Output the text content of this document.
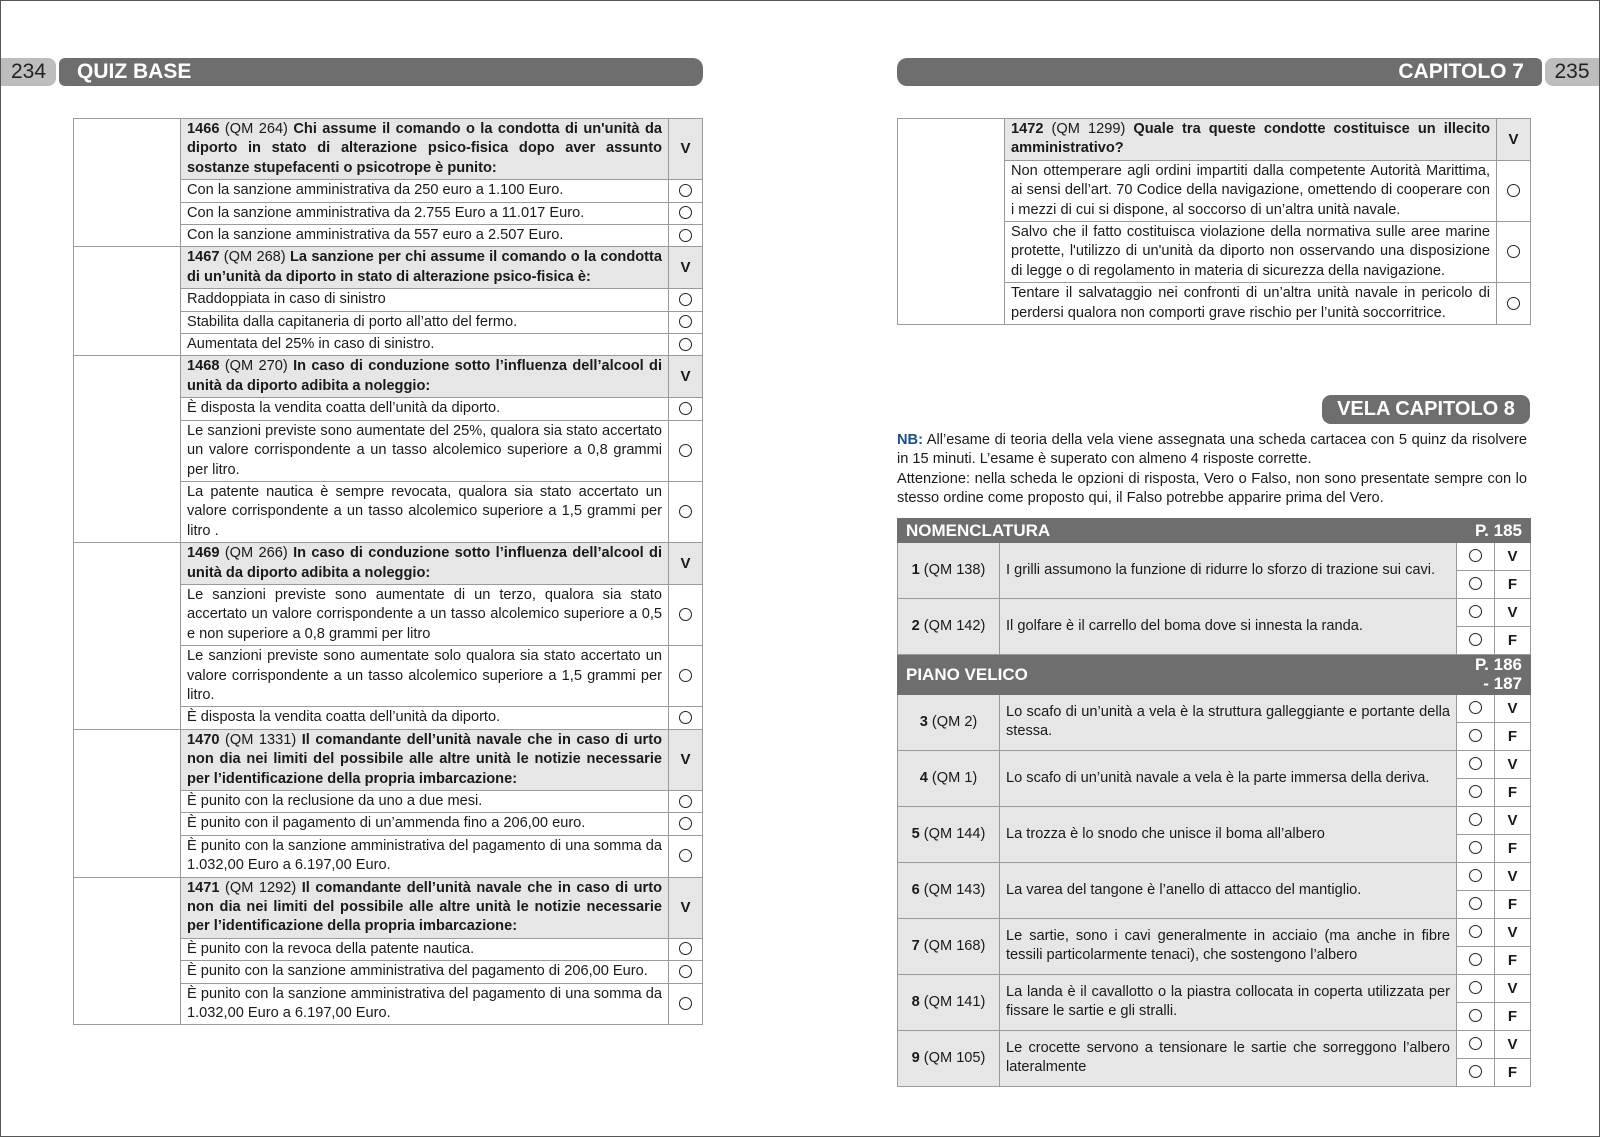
234	QUIZ BASE	CAPITOLO 7	235
	1466 (QM 264) Chi assume il comando o la condotta di un'unità da diporto in stato di alterazione psico-fisica dopo aver assunto sostanze stupefacenti o psicotrope è punito:	V
	Con la sanzione amministrativa da 250 euro a 1.100 Euro.	
	Con la sanzione amministrativa da 2.755 Euro a 11.017 Euro.	
	Con la sanzione amministrativa da 557 euro a 2.507 Euro.	
	1467 (QM 268) La sanzione per chi assume il comando o la condotta di un’unità da diporto in stato di alterazione psico-fisica è:	V
	Raddoppiata in caso di sinistro	
	Stabilita dalla capitaneria di porto all’atto del fermo.	
	Aumentata del 25% in caso di sinistro.	
	1468 (QM 270) In caso di conduzione sotto l’influenza dell’alcool di unità da diporto adibita a noleggio:	V
	È disposta la vendita coatta dell’unità da diporto.	
	Le sanzioni previste sono aumentate del 25%, qualora sia stato accertato un valore corrispondente a un tasso alcolemico superiore a 0,8 grammi per litro.	
	La patente nautica è sempre revocata, qualora sia stato accertato un valore corrispondente a un tasso alcolemico superiore a 1,5 grammi per litro .	
	1469 (QM 266) In caso di conduzione sotto l’influenza dell’alcool di unità da diporto adibita a noleggio:	V
	Le sanzioni previste sono aumentate di un terzo, qualora sia stato accertato un valore corrispondente a un tasso alcolemico superiore a 0,5 e non superiore a 0,8 grammi per litro	
	Le sanzioni previste sono aumentate solo qualora sia stato accertato un valore corrispondente a un tasso alcolemico superiore a 1,5 grammi per litro.	
	È disposta la vendita coatta dell’unità da diporto.	
	1470 (QM 1331) Il comandante dell’unità navale che in caso di urto non dia nei limiti del possibile alle altre unità le notizie necessarie per l’identificazione della propria imbarcazione:	V
	È punito con la reclusione da uno a due mesi.	
	È punito con il pagamento di un’ammenda fino a 206,00 euro.	
	È punito con la sanzione amministrativa del pagamento di una somma da 1.032,00 Euro a 6.197,00 Euro.	
	1471 (QM 1292) Il comandante dell’unità navale che in caso di urto non dia nei limiti del possibile alle altre unità le notizie necessarie per l’identificazione della propria imbarcazione:	V
	È punito con la revoca della patente nautica.	
	È punito con la sanzione amministrativa del pagamento di 206,00 Euro.	
	È punito con la sanzione amministrativa del pagamento di una somma da 1.032,00 Euro a 6.197,00 Euro.	
	1472 (QM 1299) Quale tra queste condotte costituisce un illecito amministrativo?	V
	Non ottemperare agli ordini impartiti dalla competente Autorità Marittima, ai sensi dell’art. 70 Codice della navigazione, omettendo di cooperare con i mezzi di cui si dispone, al soccorso di un’altra unità navale.	
	Salvo che il fatto costituisca violazione della normativa sulle aree marine protette, l'utilizzo di un'unità da diporto non osservando una disposizione di legge o di regolamento in materia di sicurezza della navigazione.	
	Tentare il salvataggio nei confronti di un’altra unità navale in pericolo di perdersi qualora non comporti grave rischio per l’unità soccorritrice.	
VELA CAPITOLO 8
NB: All’esame di teoria della vela viene assegnata una scheda cartacea con 5 quinz da risolvere in 15 minuti. L’esame è superato con almeno 4 risposte corrette.
Attenzione: nella scheda le opzioni di risposta, Vero o Falso, non sono presentate sempre con lo stesso ordine come proposto qui, il Falso potrebbe apparire prima del Vero.
NOMENCLATURA		P. 185	
1 (QM 138)	I grilli assumono la funzione di ridurre lo sforzo di trazione sui cavi.		V
			F
2 (QM 142)	Il golfare è il carrello del boma dove si innesta la randa.		V
			F
PIANO VELICO		P. 186 - 187	
3 (QM 2)	Lo scafo di un’unità a vela è la struttura galleggiante e portante della stessa.		V
			F
4 (QM 1)	Lo scafo di un’unità navale a vela è la parte immersa della deriva.		V
			F
5 (QM 144)	La trozza è lo snodo che unisce il boma all’albero		V
			F
6 (QM 143)	La varea del tangone è l’anello di attacco del mantiglio.		V
			F
7 (QM 168)	Le sartie, sono i cavi generalmente in acciaio (ma anche in fibre tessili particolarmente tenaci), che sostengono l’albero		V
			F
8 (QM 141)	La landa è il cavallotto o la piastra collocata in coperta utilizzata per fissare le sartie e gli stralli.		V
			F
9 (QM 105)	Le crocette servono a tensionare le sartie che sorreggono l’albero lateralmente		V
			F
